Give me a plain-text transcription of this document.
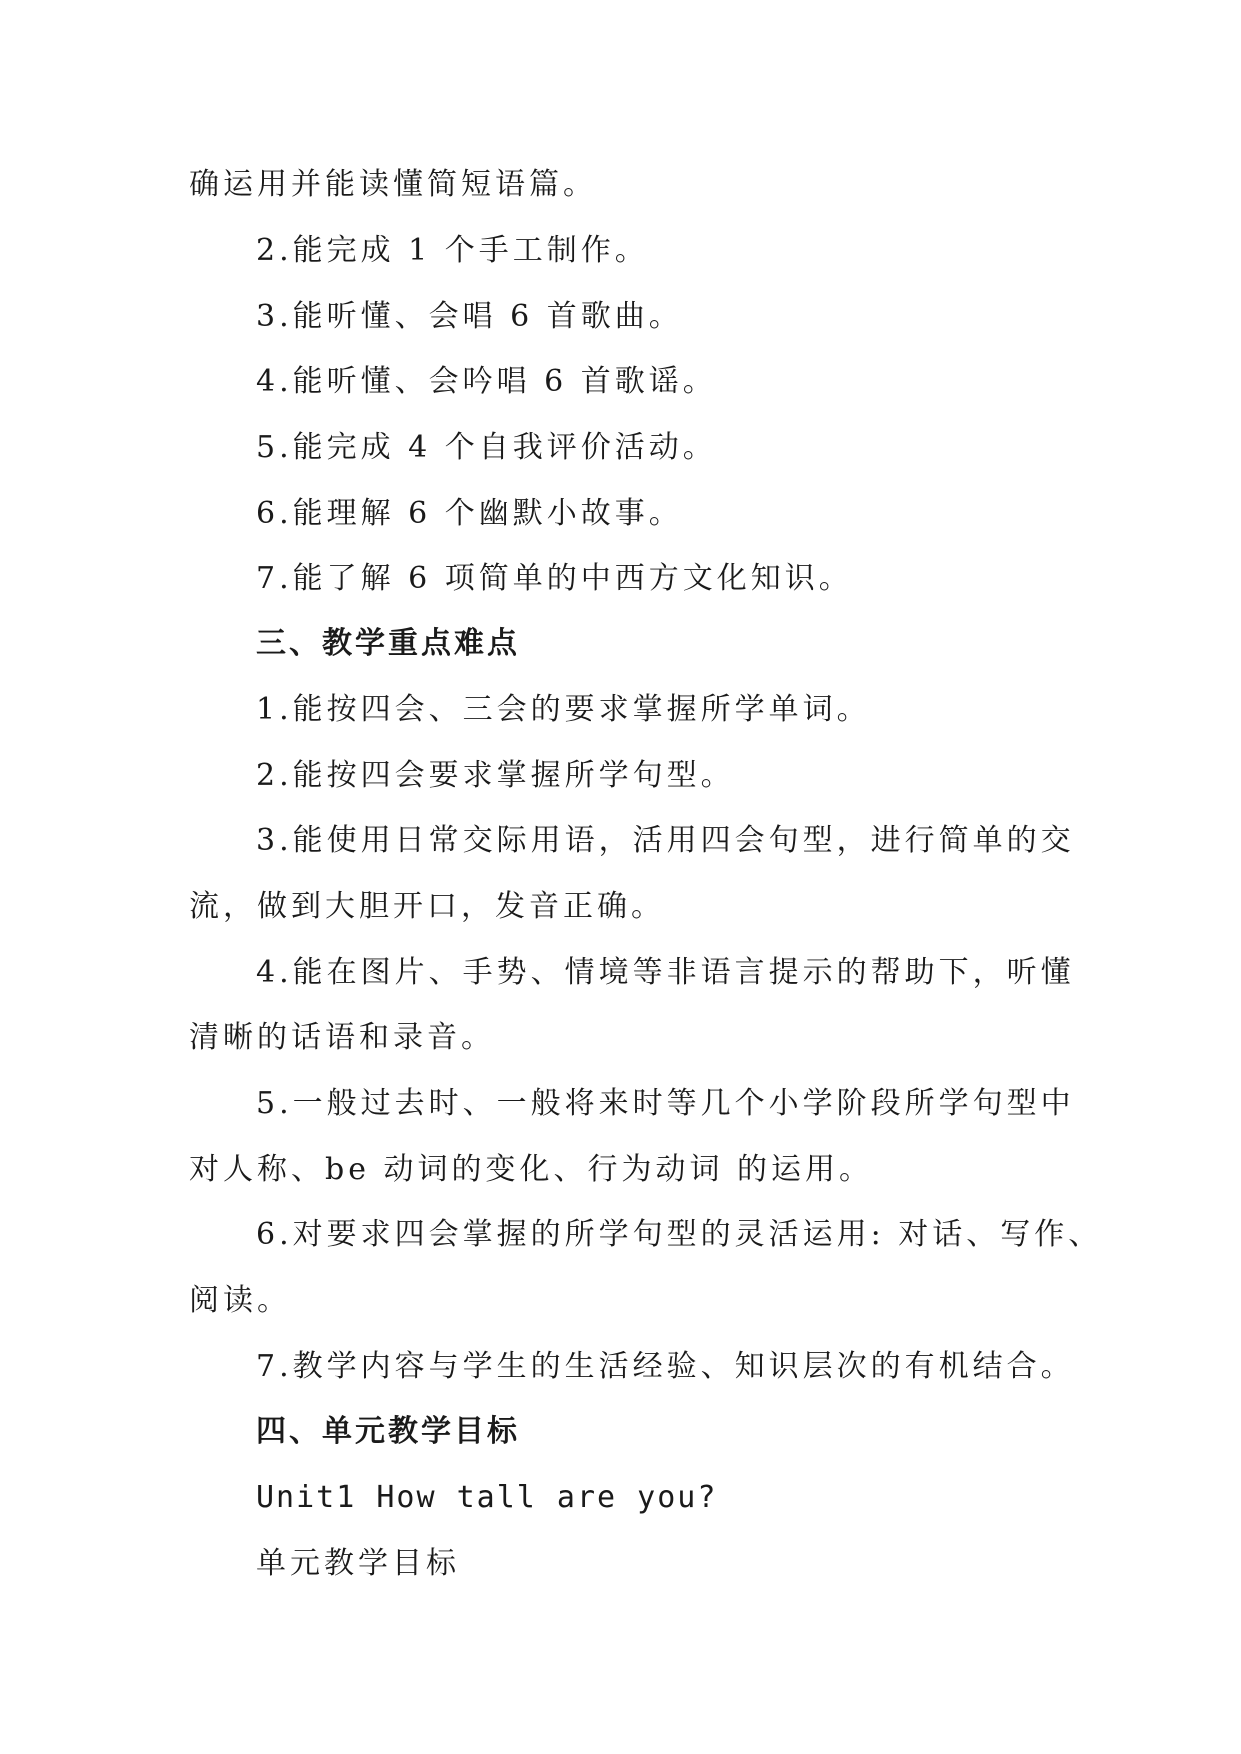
确运用并能读懂简短语篇。
2.能完成 1 个手工制作。
3.能听懂、会唱 6 首歌曲。
4.能听懂、会吟唱 6 首歌谣。
5.能完成 4 个自我评价活动。
6.能理解 6 个幽默小故事。
7.能了解 6 项简单的中西方文化知识。
三、教学重点难点
1.能按四会、三会的要求掌握所学单词。
2.能按四会要求掌握所学句型。
3.能使用日常交际用语，活用四会句型，进行简单的交
流，做到大胆开口，发音正确。
4.能在图片、手势、情境等非语言提示的帮助下，听懂
清晰的话语和录音。
5.一般过去时、一般将来时等几个小学阶段所学句型中
对人称、be 动词的变化、行为动词 的运用。
6.对要求四会掌握的所学句型的灵活运用: 对话、写作、
阅读。
7.教学内容与学生的生活经验、知识层次的有机结合。
四、单元教学目标
Unit1 How tall are you?
单元教学目标
